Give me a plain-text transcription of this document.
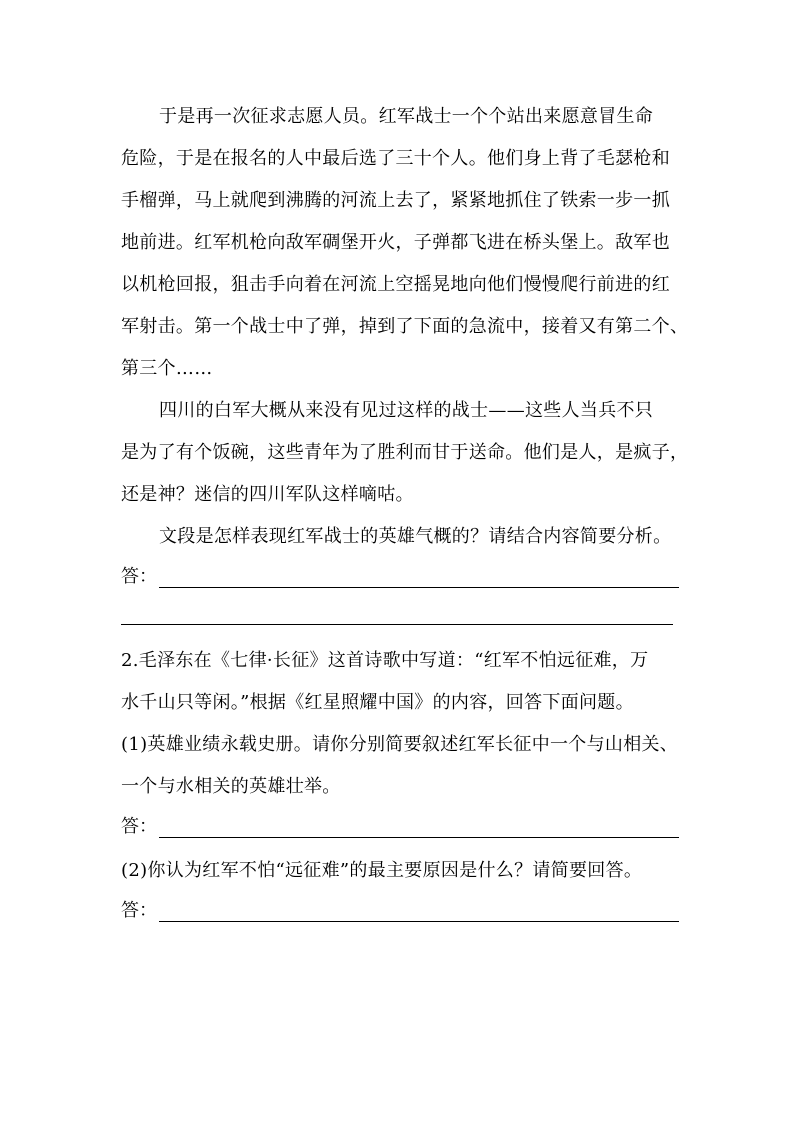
于是再一次征求志愿人员。红军战士一个个站出来愿意冒生命
危险，于是在报名的人中最后选了三十个人。他们身上背了毛瑟枪和
手榴弹，马上就爬到沸腾的河流上去了，紧紧地抓住了铁索一步一抓
地前进。红军机枪向敌军碉堡开火，子弹都飞进在桥头堡上。敌军也
以机枪回报，狙击手向着在河流上空摇晃地向他们慢慢爬行前进的红
军射击。第一个战士中了弹，掉到了下面的急流中，接着又有第二个、
第三个……
四川的白军大概从来没有见过这样的战士——这些人当兵不只
是为了有个饭碗，这些青年为了胜利而甘于送命。他们是人，是疯子，
还是神？迷信的四川军队这样嘀咕。
文段是怎样表现红军战士的英雄气概的？请结合内容简要分析。
答：
2.毛泽东在《七律·长征》这首诗歌中写道：“红军不怕远征难，万
水千山只等闲。”根据《红星照耀中国》的内容，回答下面问题。
(1)英雄业绩永载史册。请你分别简要叙述红军长征中一个与山相关、
一个与水相关的英雄壮举。
答：
(2)你认为红军不怕“远征难”的最主要原因是什么？请简要回答。
答：
